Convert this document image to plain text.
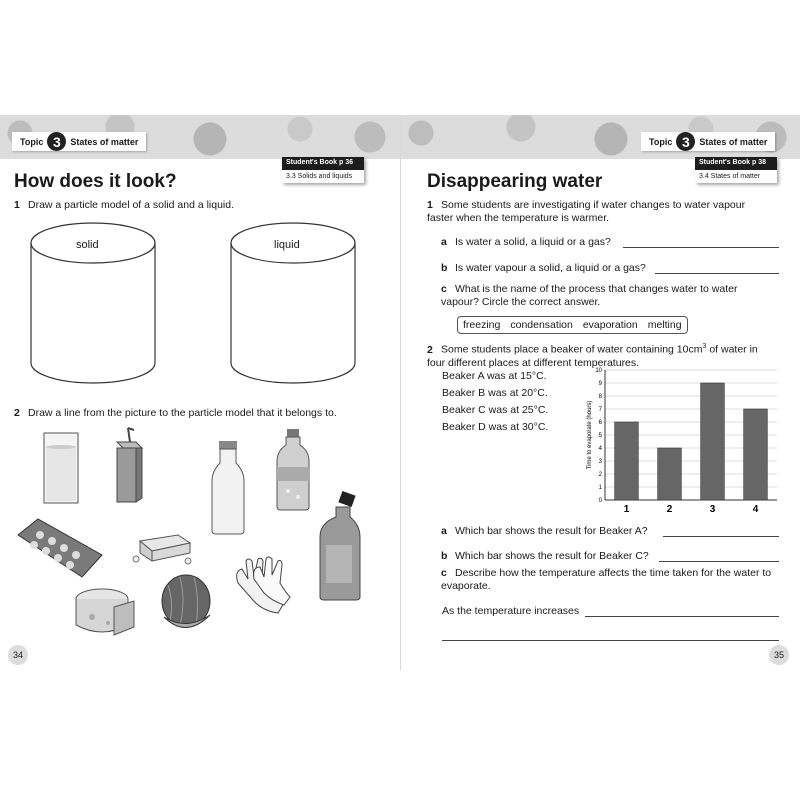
Topic 3	States of matter
Student's Book p 36
3.3 Solids and liquids
How does it look?
1 Draw a particle model of a solid and a liquid.
solid	liquid
2 Draw a line from the picture to the particle model that it belongs to.
34
Topic 3	States of matter
Student's Book p 38
3.4 States of matter
Disappearing water
1 Some students are investigating if water changes to water vapour faster when the temperature is warmer.
a Is water a solid, a liquid or a gas?
b Is water vapour a solid, a liquid or a gas?
c What is the name of the process that changes water to water vapour? Circle the correct answer.
freezing condensation evaporation melting
2 Some students place a beaker of water containing $10cm^3$ of water in four different places at different temperatures.
Beaker A was at 15°C.
Beaker B was at 20°C.
Beaker C was at 25°C.
Beaker D was at 30°C.
0
1
2
3
4
5
6
7
8
9
10
Time to evaporate (hours)
1	2	3	4
a Which bar shows the result for Beaker A?
b Which bar shows the result for Beaker C?
c Describe how the temperature affects the time taken for the water to evaporate.
As the temperature increases
35
